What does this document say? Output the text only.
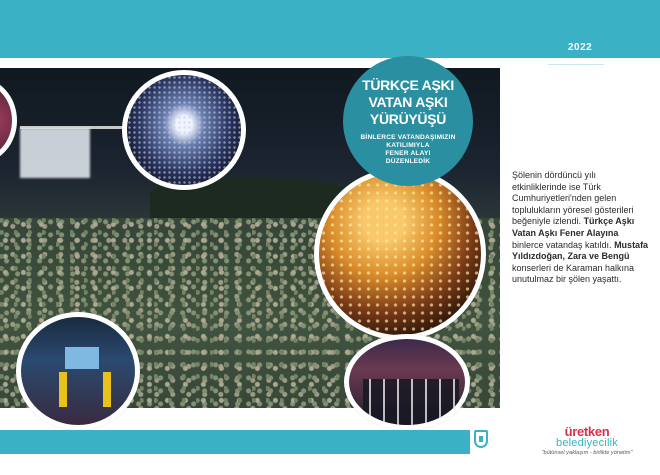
2022
TÜRKÇE AŞKI
VATAN AŞKI
YÜRÜYÜŞÜ
BİNLERCE VATANDAŞIMIZIN
KATILIMIYLA
FENER ALAYI
DÜZENLEDİK
Şölenin dördüncü yılı etkinliklerinde ise Türk Cumhuriyetleri'nden gelen toplulukların yöresel gösterileri beğeniyle izlendi. Türkçe Aşkı Vatan Aşkı Fener Alayına binlerce vatandaş katıldı. Mustafa Yıldızdoğan, Zara ve Bengü konserleri de Karaman halkına unutulmaz bir şölen yaşattı.
üretken
belediyecilik
"bütünsel yaklaşım - birlikte yönetim"
